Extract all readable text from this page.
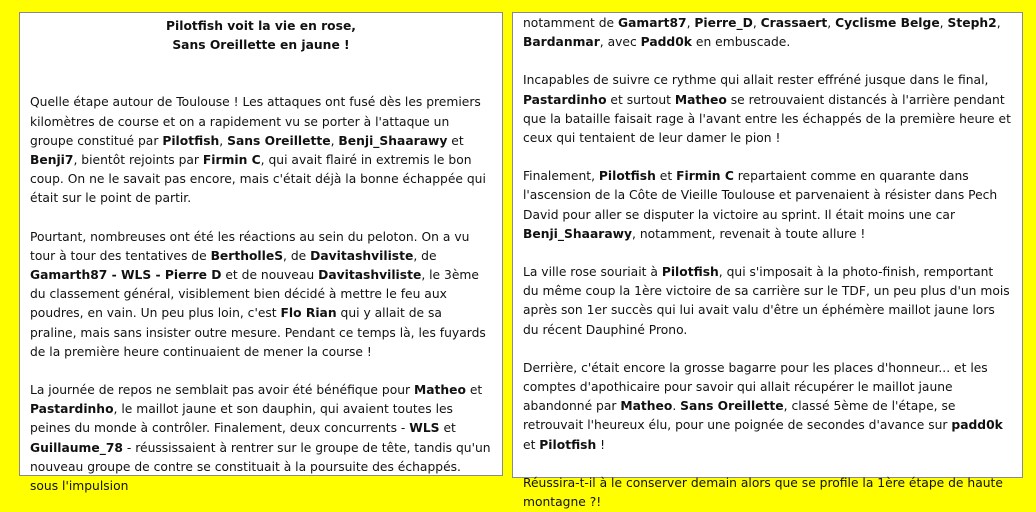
Pilotfish voit la vie en rose,
Sans Oreillette en jaune !

Quelle étape autour de Toulouse ! Les attaques ont fusé dès les premiers kilomètres de course et on a rapidement vu se porter à l'attaque un groupe constitué par Pilotfish, Sans Oreillette, Benji_Shaarawy et Benji7, bientôt rejoints par Firmin C, qui avait flairé in extremis le bon coup. On ne le savait pas encore, mais c'était déjà la bonne échappée qui était sur le point de partir.

Pourtant, nombreuses ont été les réactions au sein du peloton. On a vu tour à tour des tentatives de BertholleS, de Davitashviliste, de Gamarth87 - WLS - Pierre D et de nouveau Davitashviliste, le 3ème du classement général, visiblement bien décidé à mettre le feu aux poudres, en vain. Un peu plus loin, c'est Flo Rian qui y allait de sa praline, mais sans insister outre mesure. Pendant ce temps là, les fuyards de la première heure continuaient de mener la course !

La journée de repos ne semblait pas avoir été bénéfique pour Matheo et Pastardinho, le maillot jaune et son dauphin, qui avaient toutes les peines du monde à contrôler. Finalement, deux concurrents - WLS et Guillaume_78 - réussissaient à rentrer sur le groupe de tête, tandis qu'un nouveau groupe de contre se constituait à la poursuite des échappés. sous l'impulsion

notamment de Gamart87, Pierre_D, Crassaert, Cyclisme Belge, Steph2, Bardanmar, avec Padd0k en embuscade.

Incapables de suivre ce rythme qui allait rester effréné jusque dans le final, Pastardinho et surtout Matheo se retrouvaient distancés à l'arrière pendant que la bataille faisait rage à l'avant entre les échappés de la première heure et ceux qui tentaient de leur damer le pion !

Finalement, Pilotfish et Firmin C repartaient comme en quarante dans l'ascension de la Côte de Vieille Toulouse et parvenaient à résister dans Pech David pour aller se disputer la victoire au sprint. Il était moins une car Benji_Shaarawy, notamment, revenait à toute allure !

La ville rose souriait à Pilotfish, qui s'imposait à la photo-finish, remportant du même coup la 1ère victoire de sa carrière sur le TDF, un peu plus d'un mois après son 1er succès qui lui avait valu d'être un éphémère maillot jaune lors du récent Dauphiné Prono.

Derrière, c'était encore la grosse bagarre pour les places d'honneur... et les comptes d'apothicaire pour savoir qui allait récupérer le maillot jaune abandonné par Matheo. Sans Oreillette, classé 5ème de l'étape, se retrouvait l'heureux élu, pour une poignée de secondes d'avance sur padd0k et Pilotfish !

Réussira-t-il à le conserver demain alors que se profile la 1ère étape de haute montagne ?!
